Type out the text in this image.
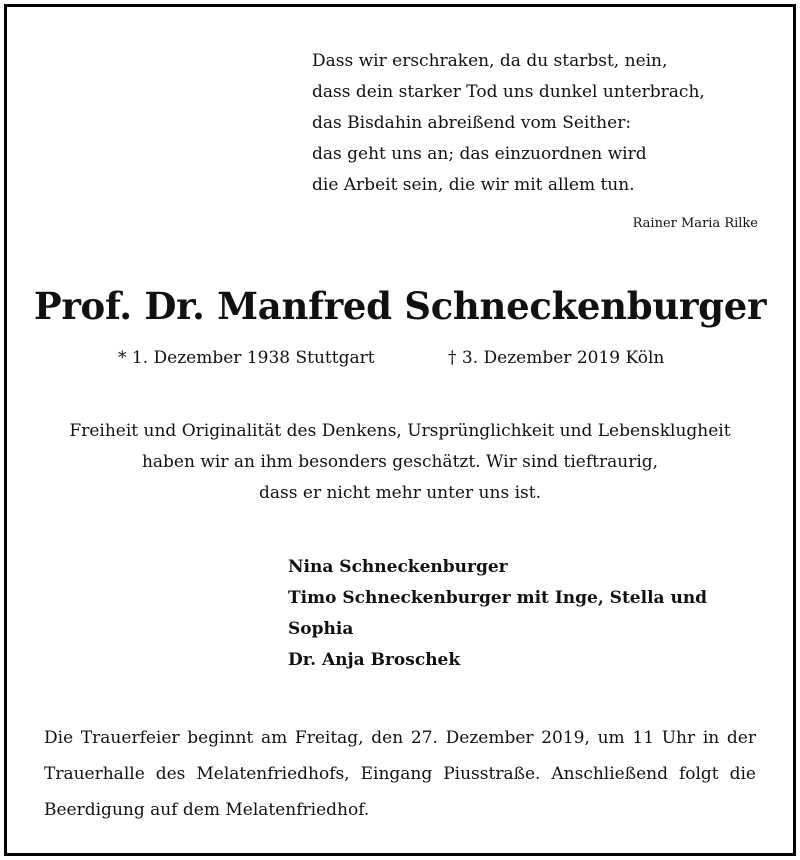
Dass wir erschraken, da du starbst, nein,
dass dein starker Tod uns dunkel unterbrach,
das Bisdahin abreißend vom Seither:
das geht uns an; das einzuordnen wird
die Arbeit sein, die wir mit allem tun.
Rainer Maria Rilke
Prof. Dr. Manfred Schneckenburger
* 1. Dezember 1938 Stuttgart	† 3. Dezember 2019 Köln
Freiheit und Originalität des Denkens, Ursprünglichkeit und Lebensklugheit
haben wir an ihm besonders geschätzt. Wir sind tieftraurig,
dass er nicht mehr unter uns ist.
Nina Schneckenburger
Timo Schneckenburger mit Inge, Stella und
Sophia
Dr. Anja Broschek
Die Trauerfeier beginnt am Freitag, den 27. Dezember 2019, um 11 Uhr in der
Trauerhalle des Melatenfriedhofs, Eingang Piusstraße. Anschließend folgt die
Beerdigung auf dem Melatenfriedhof.
